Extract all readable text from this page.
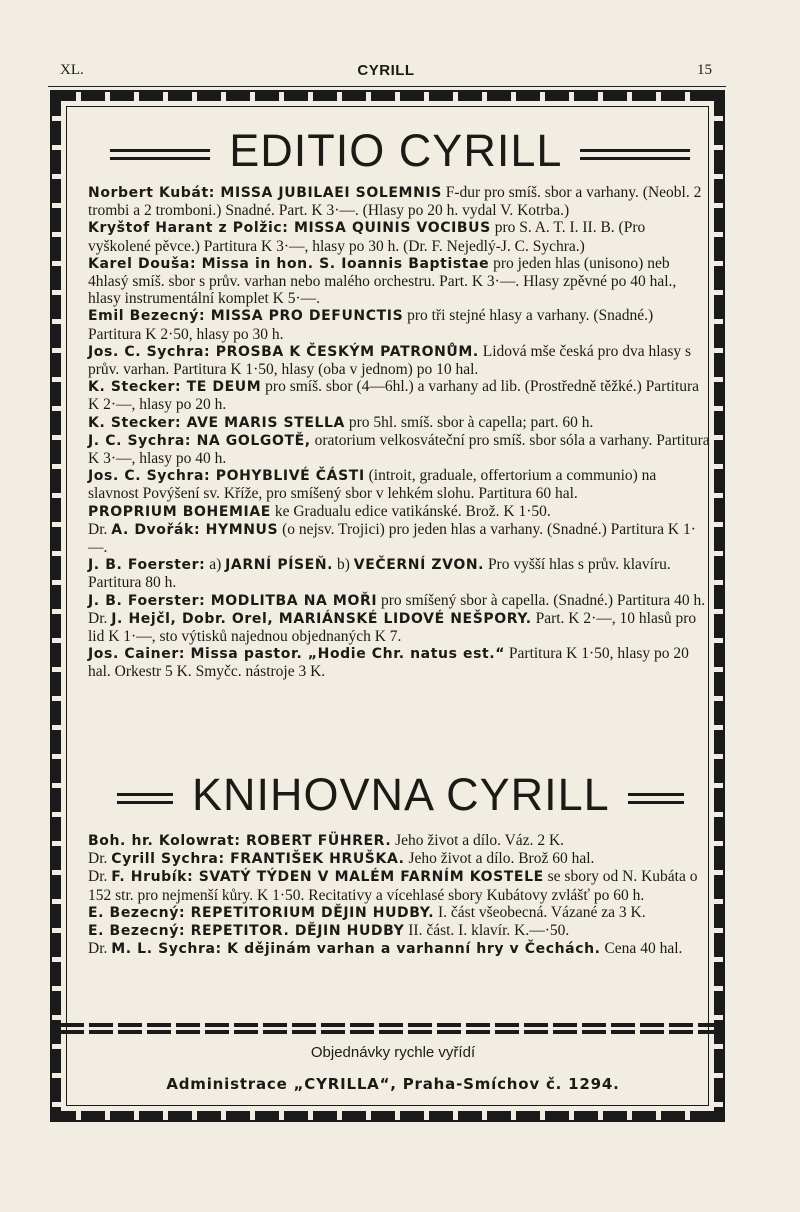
XL.	CYRILL	15
EDITIO CYRILL

Norbert Kubát: MISSA JUBILAEI SOLEMNIS F-dur pro smíš. sbor a varhany. (Neobl. 2 trombi a 2 tromboni.) Snadné. Part. K 3·—. (Hlasy po 20 h. vydal V. Kotrba.)

Kryštof Harant z Polžic: MISSA QUINIS VOCIBUS pro S. A. T. I. II. B. (Pro vyškolené pěvce.) Partitura K 3·—, hlasy po 30 h. (Dr. F. Nejedlý-J. C. Sychra.)

Karel Douša: Missa in hon. S. Ioannis Baptistae pro jeden hlas (unisono) neb 4hlasý smíš. sbor s prův. varhan nebo malého orchestru. Part. K 3·—. Hlasy zpěvné po 40 hal., hlasy instrumentální komplet K 5·—.

Emil Bezecný: MISSA PRO DEFUNCTIS pro tři stejné hlasy a varhany. (Snadné.) Partitura K 2·50, hlasy po 30 h.

Jos. C. Sychra: PROSBA K ČESKÝM PATRONŮM. Lidová mše česká pro dva hlasy s prův. varhan. Partitura K 1·50, hlasy (oba v jednom) po 10 hal.

K. Stecker: TE DEUM pro smíš. sbor (4—6hl.) a varhany ad lib. (Prostředně těžké.) Partitura K 2·—, hlasy po 20 h.

K. Stecker: AVE MARIS STELLA pro 5hl. smíš. sbor à capella; part. 60 h.

J. C. Sychra: NA GOLGOTĚ, oratorium velkosváteční pro smíš. sbor sóla a varhany. Partitura K 3·—, hlasy po 40 h.

Jos. C. Sychra: POHYBLIVÉ ČÁSTI (introit, graduale, offertorium a communio) na slavnost Povýšení sv. Kříže, pro smíšený sbor v lehkém slohu. Partitura 60 hal.

PROPRIUM BOHEMIAE ke Gradualu edice vatikánské. Brož. K 1·50.

Dr. A. Dvořák: HYMNUS (o nejsv. Trojici) pro jeden hlas a varhany. (Snadné.) Partitura K 1·—.

J. B. Foerster: a) JARNÍ PÍSEŇ. b) VEČERNÍ ZVON. Pro vyšší hlas s prův. klavíru. Partitura 80 h.

J. B. Foerster: MODLITBA NA MOŘI pro smíšený sbor à capella. (Snadné.) Partitura 40 h.

Dr. J. Hejčl, Dobr. Orel, MARIÁNSKÉ LIDOVÉ NEŠPORY. Part. K 2·—, 10 hlasů pro lid K 1·—, sto výtisků najednou objednaných K 7.

Jos. Cainer: Missa pastor. „Hodie Chr. natus est.“ Partitura K 1·50, hlasy po 20 hal. Orkestr 5 K. Smyčc. nástroje 3 K.

KNIHOVNA CYRILL

Boh. hr. Kolowrat: ROBERT FÜHRER. Jeho život a dílo. Váz. 2 K.

Dr. Cyrill Sychra: FRANTIŠEK HRUŠKA. Jeho život a dílo. Brož 60 hal.

Dr. F. Hrubík: SVATÝ TÝDEN V MALÉM FARNÍM KOSTELE se sbory od N. Kubáta o 152 str. pro nejmenší kůry. K 1·50. Recitativy a vícehlasé sbory Kubátovy zvlášť po 60 h.

E. Bezecný: REPETITORIUM DĚJIN HUDBY. I. část všeobecná. Vázané za 3 K.

E. Bezecný: REPETITOR. DĚJIN HUDBY II. část. I. klavír. K.—·50.

Dr. M. L. Sychra: K dějinám varhan a varhanní hry v Čechách. Cena 40 hal.

Objednávky rychle vyřídí
Administrace „CYRILLA“, Praha-Smíchov č. 1294.
